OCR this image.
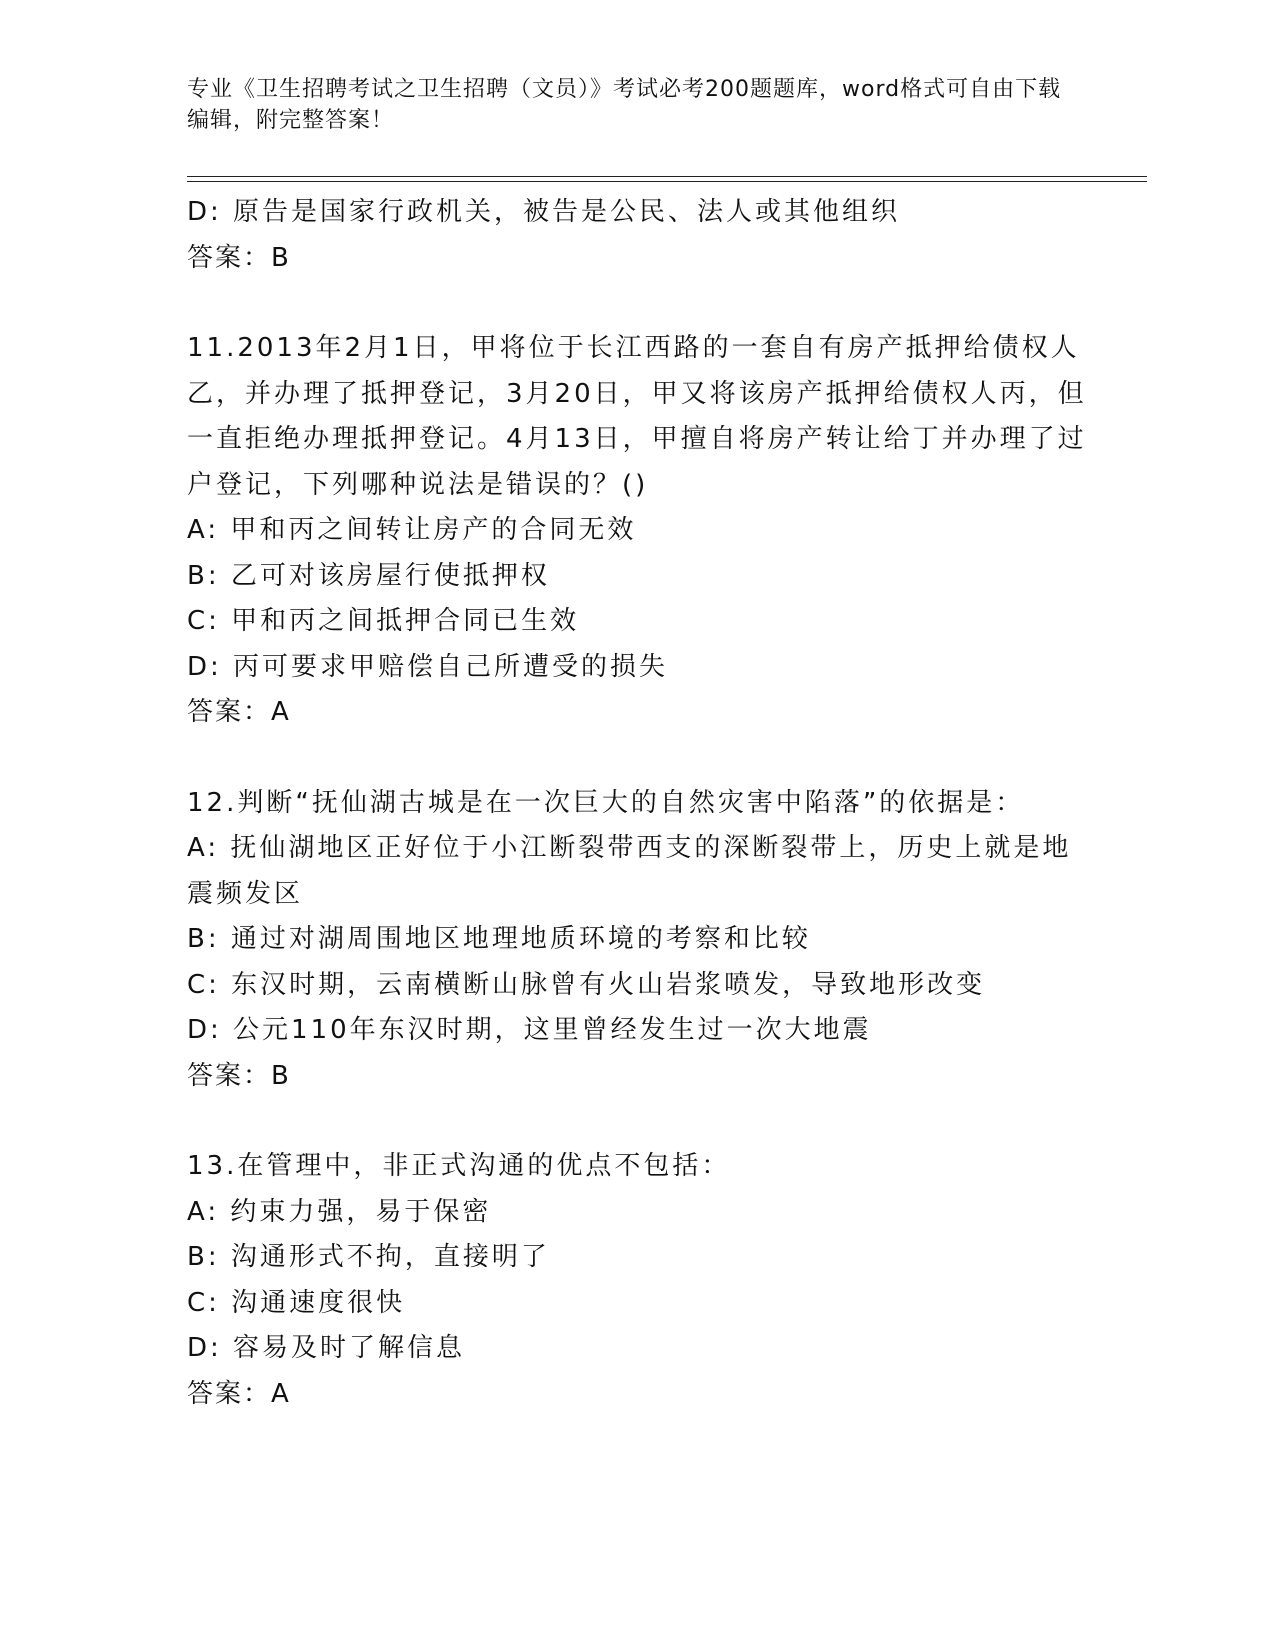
专业《卫生招聘考试之卫生招聘（文员）》考试必考200题题库，word格式可自由下载编辑，附完整答案！

D: 原告是国家行政机关，被告是公民、法人或其他组织

答案：B

11.2013年2月1日，甲将位于长江西路的一套自有房产抵押给债权人乙，并办理了抵押登记，3月20日，甲又将该房产抵押给债权人丙，但一直拒绝办理抵押登记。4月13日，甲擅自将房产转让给丁并办理了过户登记，下列哪种说法是错误的？()

A: 甲和丙之间转让房产的合同无效

B: 乙可对该房屋行使抵押权

C: 甲和丙之间抵押合同已生效

D: 丙可要求甲赔偿自己所遭受的损失

答案：A

12.判断“抚仙湖古城是在一次巨大的自然灾害中陷落”的依据是：

A: 抚仙湖地区正好位于小江断裂带西支的深断裂带上，历史上就是地震频发区

B: 通过对湖周围地区地理地质环境的考察和比较

C: 东汉时期，云南横断山脉曾有火山岩浆喷发，导致地形改变

D: 公元110年东汉时期，这里曾经发生过一次大地震

答案：B

13.在管理中，非正式沟通的优点不包括：

A: 约束力强，易于保密

B: 沟通形式不拘，直接明了

C: 沟通速度很快

D: 容易及时了解信息

答案：A
